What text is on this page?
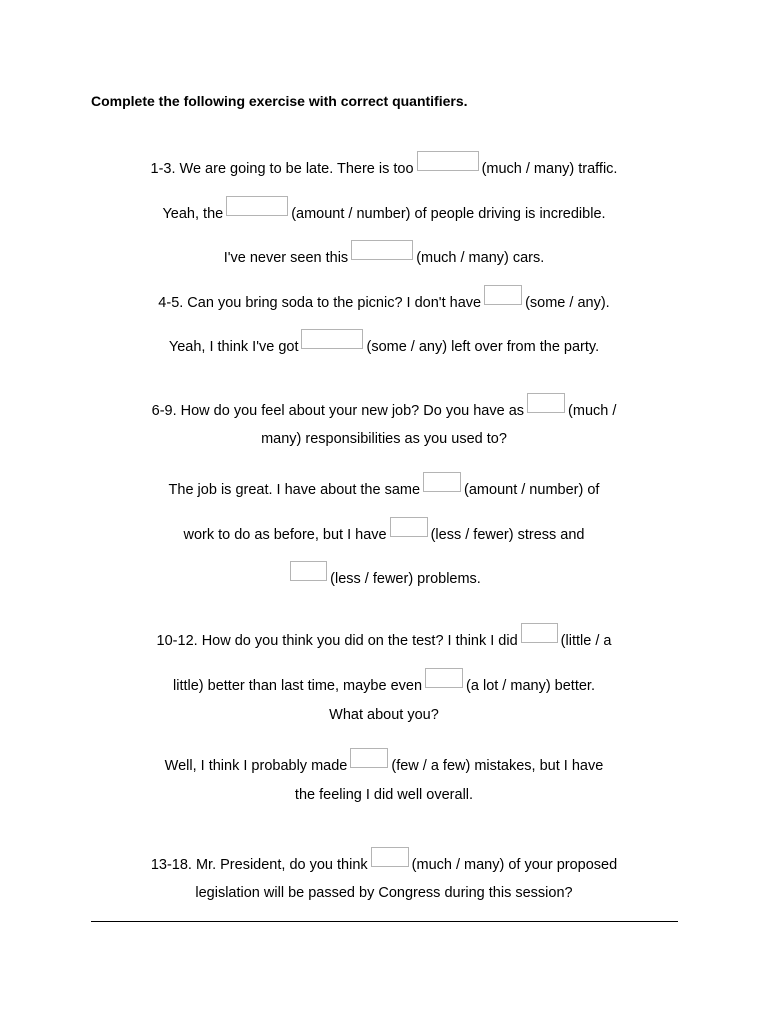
Complete the following exercise with correct quantifiers.
1-3. We are going to be late. There is too	(much / many) traffic.
Yeah, the	(amount / number) of people driving is incredible.
I've never seen this	(much / many) cars.
4-5. Can you bring soda to the picnic? I don't have	(some / any).
Yeah, I think I've got	(some / any) left over from the party.
6-9. How do you feel about your new job? Do you have as	(much /
many) responsibilities as you used to?
The job is great. I have about the same	(amount / number) of
work to do as before, but I have	(less / fewer) stress and
(less / fewer) problems.
10-12. How do you think you did on the test? I think I did	(little / a
little) better than last time, maybe even	(a lot / many) better.
What about you?
Well, I think I probably made	(few / a few) mistakes, but I have
the feeling I did well overall.
13-18. Mr. President, do you think	(much / many) of your proposed
legislation will be passed by Congress during this session?
